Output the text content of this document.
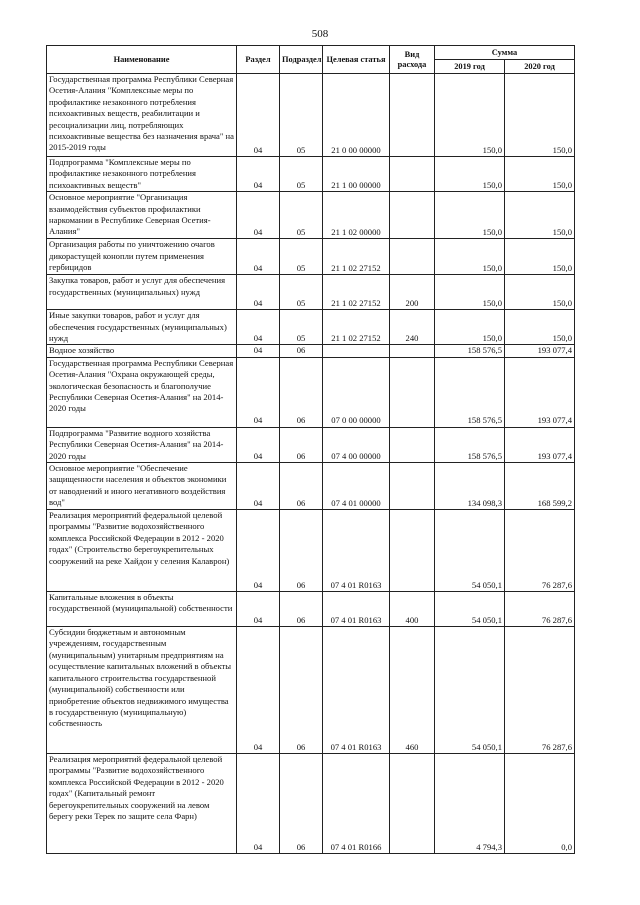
508
Наименование	Раздел	Подраздел	Целевая статья	Вид расхода	Сумма	
					2019 год	2020 год
Государственная программа Республики Северная Осетия-Алания "Комплексные меры по профилактике незаконного потребления психоактивных веществ, реабилитации и ресоциализации лиц, потребляющих психоактивные вещества без назначения врача" на 2015-2019 годы	04	05	21 0 00 00000		150,0	150,0
Подпрограмма "Комплексные меры по профилактике незаконного потребления психоактивных веществ"	04	05	21 1 00 00000		150,0	150,0
Основное мероприятие "Организация взаимодействия субъектов профилактики наркомании в Республике Северная Осетия-Алания"	04	05	21 1 02 00000		150,0	150,0
Организация работы по уничтожению очагов дикорастущей конопли путем применения гербицидов	04	05	21 1 02 27152		150,0	150,0
Закупка товаров, работ и услуг для обеспечения государственных (муниципальных) нужд	04	05	21 1 02 27152	200	150,0	150,0
Иные закупки товаров, работ и услуг для обеспечения государственных (муниципальных) нужд	04	05	21 1 02 27152	240	150,0	150,0
Водное хозяйство	04	06			158 576,5	193 077,4
Государственная программа Республики Северная Осетия-Алания "Охрана окружающей среды, экологическая безопасность и благополучие Республики Северная Осетия-Алания" на 2014-2020 годы	04	06	07 0 00 00000		158 576,5	193 077,4
Подпрограмма "Развитие водного хозяйства Республики Северная Осетия-Алания" на 2014-2020 годы	04	06	07 4 00 00000		158 576,5	193 077,4
Основное мероприятие "Обеспечение защищенности населения и объектов экономики от наводнений и иного негативного воздействия вод"	04	06	07 4 01 00000		134 098,3	168 599,2
Реализация мероприятий федеральной целевой программы "Развитие водохозяйственного комплекса Российской Федерации в 2012 - 2020 годах" (Строительство берегоукрепительных сооружений на реке Хайдон у селения Калаврон)	04	06	07 4 01 R0163		54 050,1	76 287,6
Капитальные вложения в объекты государственной (муниципальной) собственности	04	06	07 4 01 R0163	400	54 050,1	76 287,6
Субсидии бюджетным и автономным учреждениям, государственным (муниципальным) унитарным предприятиям на осуществление капитальных вложений в объекты капитального строительства государственной (муниципальной) собственности или приобретение объектов недвижимого имущества в государственную (муниципальную) собственность	04	06	07 4 01 R0163	460	54 050,1	76 287,6
Реализация мероприятий федеральной целевой программы "Развитие водохозяйственного комплекса Российской Федерации в 2012 - 2020 годах" (Капитальный ремонт берегоукрепительных сооружений на левом берегу реки Терек по защите села Фарн)	04	06	07 4 01 R0166		4 794,3	0,0
